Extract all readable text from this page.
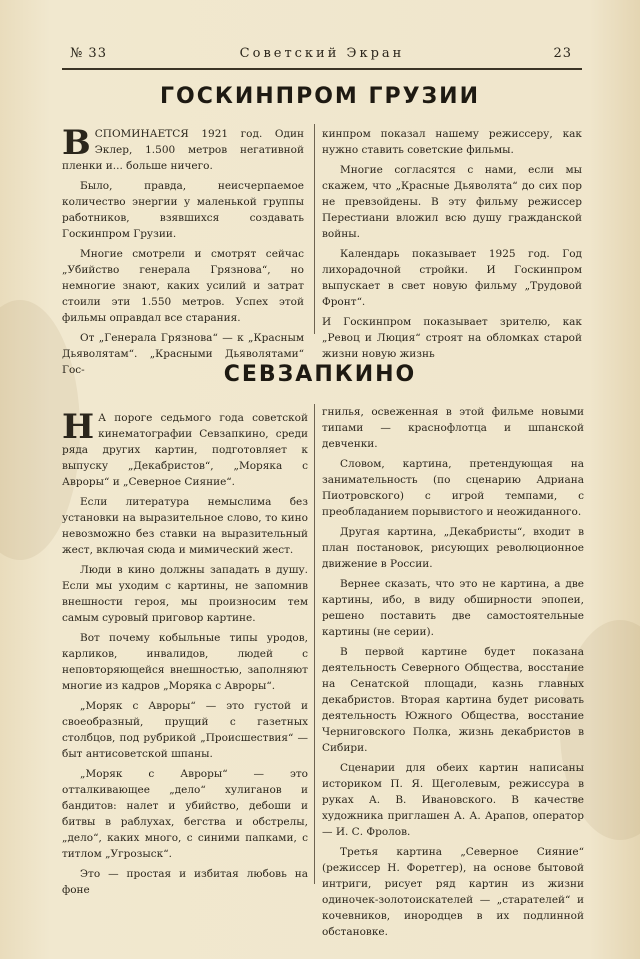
№ 33	Советский Экран	23
ГОСКИНПРОМ ГРУЗИИ

ВСПОМИНАЕТСЯ 1921 год. Один Эклер, 1.500 метров негативной пленки и... больше ничего.

Было, правда, неисчерпаемое количество энергии у маленькой группы работников, взявшихся создавать Госкинпром Грузии.

Многие смотрели и смотрят сейчас „Убийство генерала Грязнова“, но немногие знают, каких усилий и затрат стоили эти 1.550 метров. Успех этой фильмы оправдал все старания.

От „Генерала Грязнова“ — к „Красным Дьяволятам“. „Красными Дьяволятами“ Гос-

кинпром показал нашему режиссеру, как нужно ставить советские фильмы.

Многие согласятся с нами, если мы скажем, что „Красные Дьяволята“ до сих пор не превзойдены. В эту фильму режиссер Перестиани вложил всю душу гражданской войны.

Календарь показывает 1925 год. Год лихорадочной стройки. И Госкинпром выпускает в свет новую фильму „Трудовой Фронт“.

И Госкинпром показывает зрителю, как „Ревоц и Люция“ строят на обломках старой жизни новую жизнь

СЕВЗАПКИНО

Н А пороге седьмого года советской кинематографии Севзапкино, среди ряда других картин, подготовляет к выпуску „Декабристов“, „Моряка с Авроры“ и „Северное Сияние“.

Если литература немыслима без установки на выразительное слово, то кино невозможно без ставки на выразительный жест, включая сюда и мимический жест.

Люди в кино должны западать в душу. Если мы уходим с картины, не запомнив внешности героя, мы произносим тем самым суровый приговор картине.

Вот почему кобыльные типы уродов, карликов, инвалидов, людей с неповторяющейся внешностью, заполняют многие из кадров „Моряка с Авроры“.

„Моряк с Авроры“ — это густой и своеобразный, прущий с газетных столбцов, под рубрикой „Происшествия“ — быт антисоветской шпаны.

„Моряк с Авроры“ — это отталкивающее „дело“ хулиганов и бандитов: налет и убийство, дебоши и битвы в раблухах, бегства и обстрелы, „дело“, каких много, с синими папками, с титлом „Угрозыск“.

Это — простая и избитая любовь на фоне

гнилья, освеженная в этой фильме новыми типами — краснофлотца и шпанской девченки.

Словом, картина, претендующая на занимательность (по сценарию Адриана Пиотровского) с игрой темпами, с преобладанием порывистого и неожиданного.

Другая картина, „Декабристы“, входит в план постановок, рисующих революционное движение в России.

Вернее сказать, что это не картина, а две картины, ибо, в виду обширности эпопеи, решено поставить две самостоятельные картины (не серии).

В первой картине будет показана деятельность Северного Общества, восстание на Сенатской площади, казнь главных декабристов. Вторая картина будет рисовать деятельность Южного Общества, восстание Черниговского Полка, жизнь декабристов в Сибири.

Сценарии для обеих картин написаны историком П. Я. Щеголевым, режиссура в руках А. В. Ивановского. В качестве художника приглашен А. А. Арапов, оператор — И. С. Фролов.

Третья картина „Северное Сияние“ (режиссер Н. Форетгер), на основе бытовой интриги, рисует ряд картин из жизни одиночек-золотоискателей — „старателей“ и кочевников, инородцев в их подлинной обстановке.
